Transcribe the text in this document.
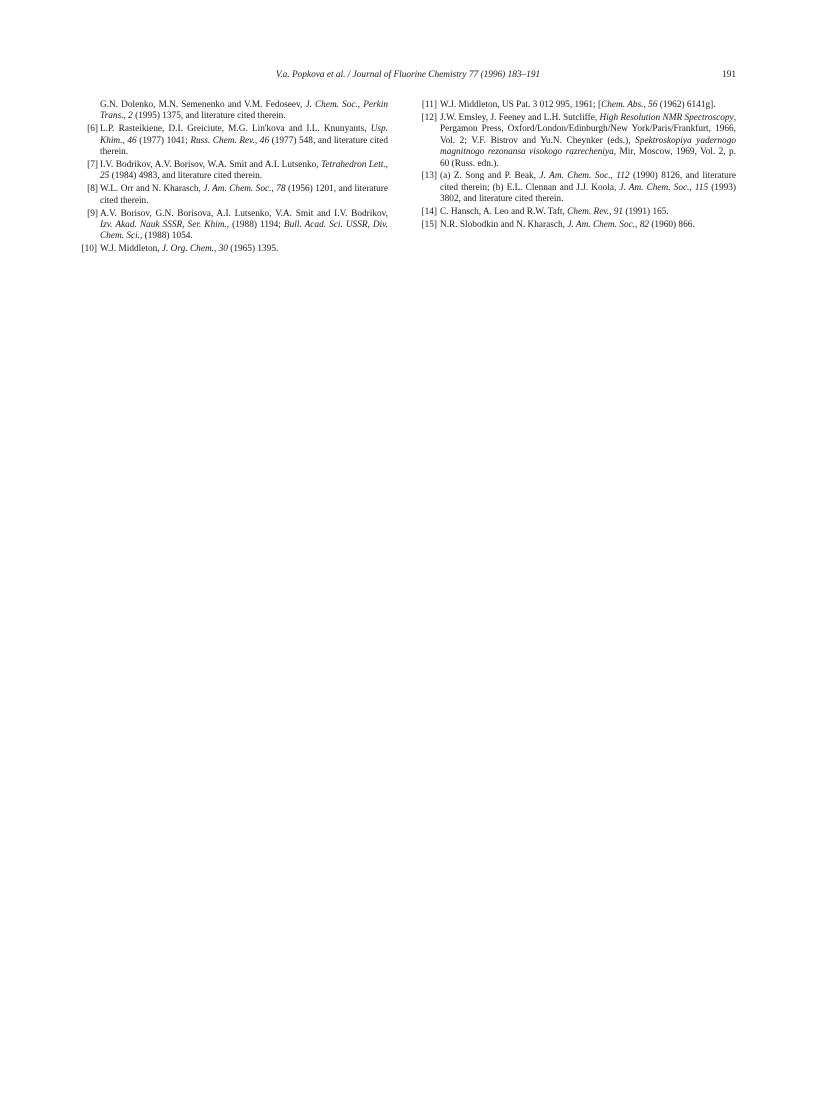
V.a. Popkova et al. / Journal of Fluorine Chemistry 77 (1996) 183–191	191
G.N. Dolenko, M.N. Semenenko and V.M. Fedoseev, J. Chem. Soc., Perkin Trans., 2 (1995) 1375, and literature cited therein.
[6] L.P. Rasteikiene, D.I. Greiciute, M.G. Lin'kova and I.L. Knunyants, Usp. Khim., 46 (1977) 1041; Russ. Chem. Rev., 46 (1977) 548, and literature cited therein.
[7] I.V. Bodrikov, A.V. Borisov, W.A. Smit and A.I. Lutsenko, Tetrahedron Lett., 25 (1984) 4983, and literature cited therein.
[8] W.L. Orr and N. Kharasch, J. Am. Chem. Soc., 78 (1956) 1201, and literature cited therein.
[9] A.V. Borisov, G.N. Borisova, A.I. Lutsenko, V.A. Smit and I.V. Bodrikov, Izv. Akad. Nauk SSSR, Ser. Khim., (1988) 1194; Bull. Acad. Sci. USSR, Div. Chem. Sci., (1988) 1054.
[10] W.J. Middleton, J. Org. Chem., 30 (1965) 1395.
[11] W.J. Middleton, US Pat. 3 012 995, 1961; [Chem. Abs., 56 (1962) 6141g].
[12] J.W. Emsley, J. Feeney and L.H. Sutcliffe, High Resolution NMR Spectroscopy, Pergamon Press, Oxford/London/Edinburgh/New York/Paris/Frankfurt, 1966, Vol. 2; V.F. Bistrov and Yu.N. Cheynker (eds.), Spektroskopiya yadernogo magnitnogo rezonansa visokogo razrecheniya, Mir, Moscow, 1969, Vol. 2, p. 60 (Russ. edn.).
[13] (a) Z. Song and P. Beak, J. Am. Chem. Soc., 112 (1990) 8126, and literature cited therein; (b) E.L. Clennan and J.J. Koola, J. Am. Chem. Soc., 115 (1993) 3802, and literature cited therein.
[14] C. Hansch, A. Leo and R.W. Taft, Chem. Rev., 91 (1991) 165.
[15] N.R. Slobodkin and N. Kharasch, J. Am. Chem. Soc., 82 (1960) 866.
